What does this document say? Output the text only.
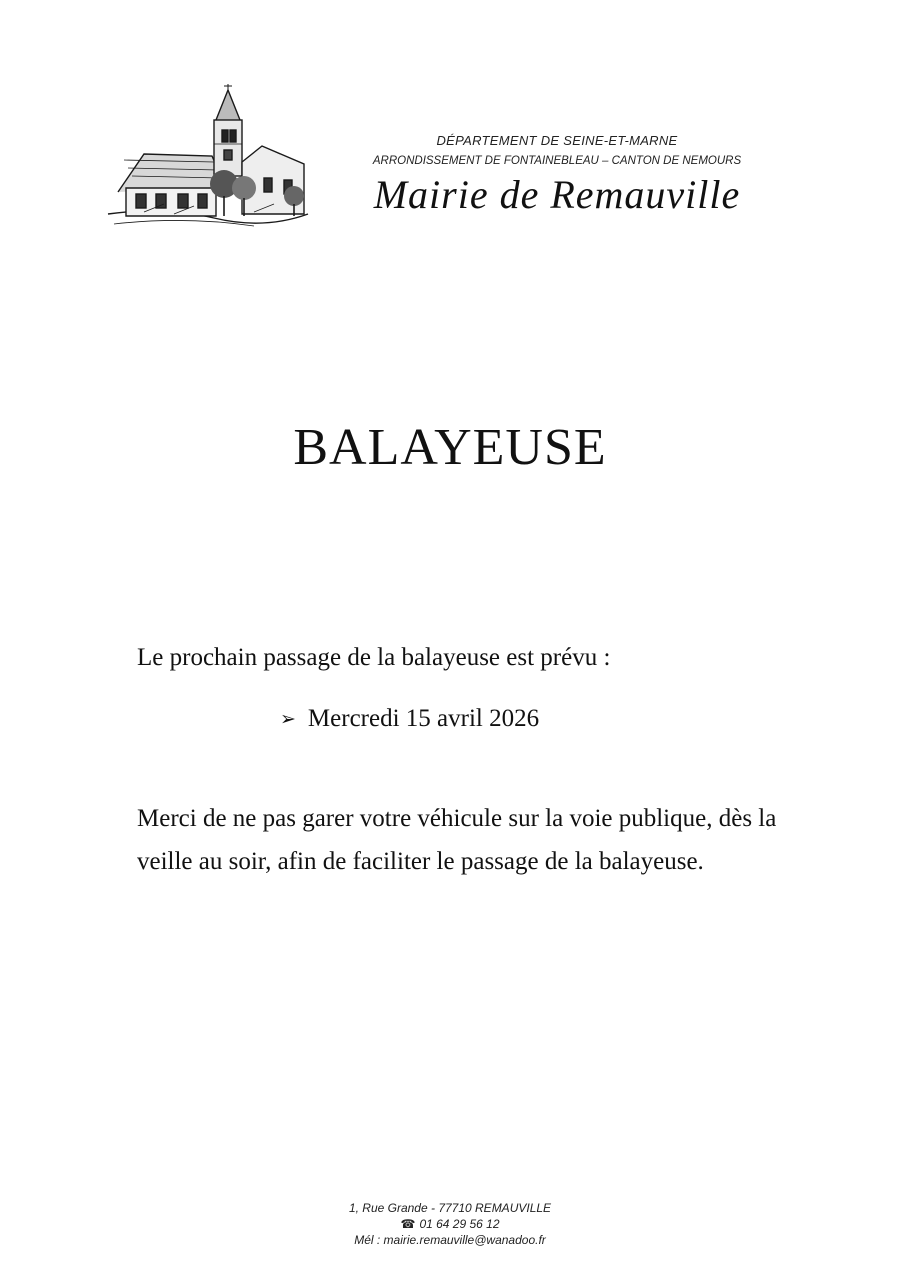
DÉPARTEMENT DE SEINE-ET-MARNE
ARRONDISSEMENT DE FONTAINEBLEAU – CANTON DE NEMOURS
Mairie de Remauville
BALAYEUSE
Le prochain passage de la balayeuse est prévu :
➢ Mercredi 15 avril 2026
Merci de ne pas garer votre véhicule sur la voie publique, dès la veille au soir, afin de faciliter le passage de la balayeuse.
1, Rue Grande - 77710 REMAUVILLE
☎ 01 64 29 56 12
Mél : mairie.remauville@wanadoo.fr
